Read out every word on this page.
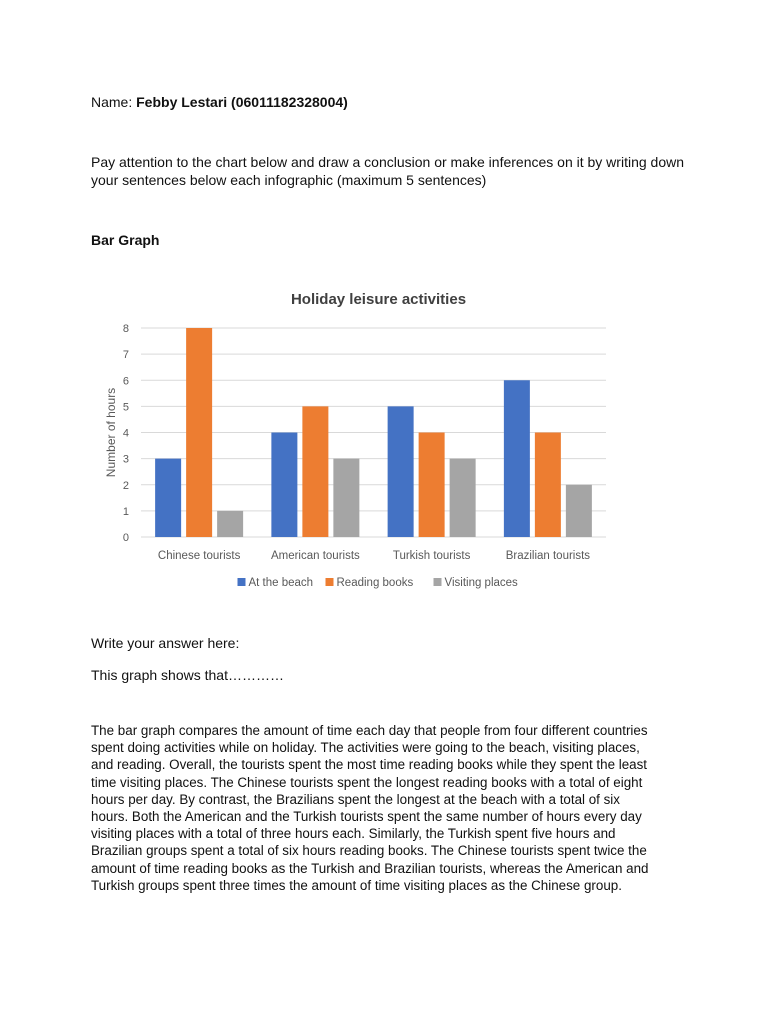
Name: Febby Lestari (06011182328004)
Pay attention to the chart below and draw a conclusion or make inferences on it by writing down your sentences below each infographic (maximum 5 sentences)
Bar Graph
Holiday leisure activities
0
1
2
3
4
5
6
7
8
Number of hours
Chinese tourists	American tourists	Turkish tourists	Brazilian tourists
At the beach Reading books	Visiting places
Write your answer here:
This graph shows that…………
The bar graph compares the amount of time each day that people from four different countries
spent doing activities while on holiday. The activities were going to the beach, visiting places,
and reading. Overall, the tourists spent the most time reading books while they spent the least
time visiting places. The Chinese tourists spent the longest reading books with a total of eight
hours per day. By contrast, the Brazilians spent the longest at the beach with a total of six
hours. Both the American and the Turkish tourists spent the same number of hours every day
visiting places with a total of three hours each. Similarly, the Turkish spent five hours and
Brazilian groups spent a total of six hours reading books. The Chinese tourists spent twice the
amount of time reading books as the Turkish and Brazilian tourists, whereas the American and
Turkish groups spent three times the amount of time visiting places as the Chinese group.
